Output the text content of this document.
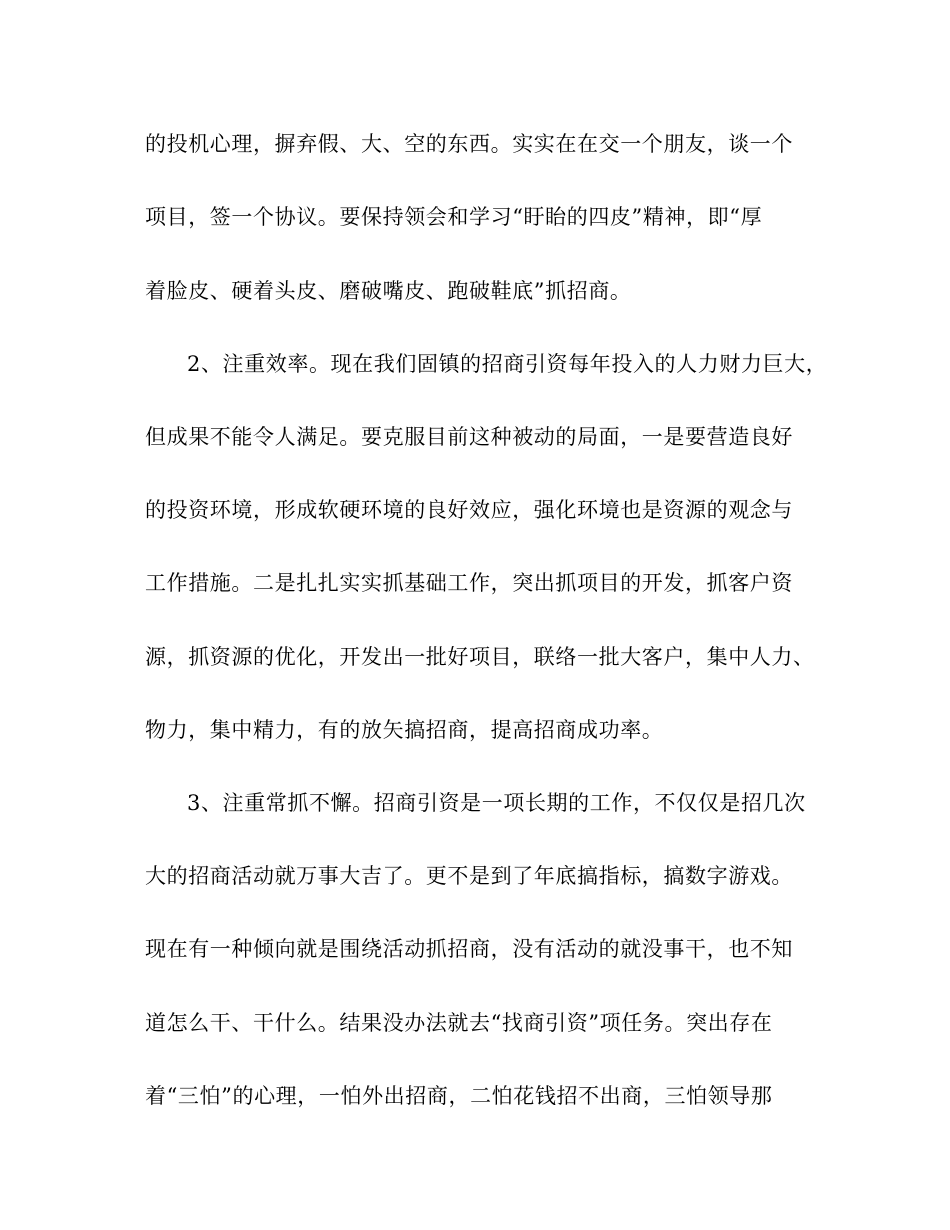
的投机心理，摒弃假、大、空的东西。实实在在交一个朋友，谈一个
项目，签一个协议。要保持领会和学习“盱眙的四皮”精神，即“厚
着脸皮、硬着头皮、磨破嘴皮、跑破鞋底”抓招商。
2、注重效率。现在我们固镇的招商引资每年投入的人力财力巨大，
但成果不能令人满足。要克服目前这种被动的局面，一是要营造良好
的投资环境，形成软硬环境的良好效应，强化环境也是资源的观念与
工作措施。二是扎扎实实抓基础工作，突出抓项目的开发，抓客户资
源，抓资源的优化，开发出一批好项目，联络一批大客户，集中人力、
物力，集中精力，有的放矢搞招商，提高招商成功率。
3、注重常抓不懈。招商引资是一项长期的工作，不仅仅是招几次
大的招商活动就万事大吉了。更不是到了年底搞指标，搞数字游戏。
现在有一种倾向就是围绕活动抓招商，没有活动的就没事干，也不知
道怎么干、干什么。结果没办法就去“找商引资”项任务。突出存在
着“三怕”的心理，一怕外出招商，二怕花钱招不出商，三怕领导那
